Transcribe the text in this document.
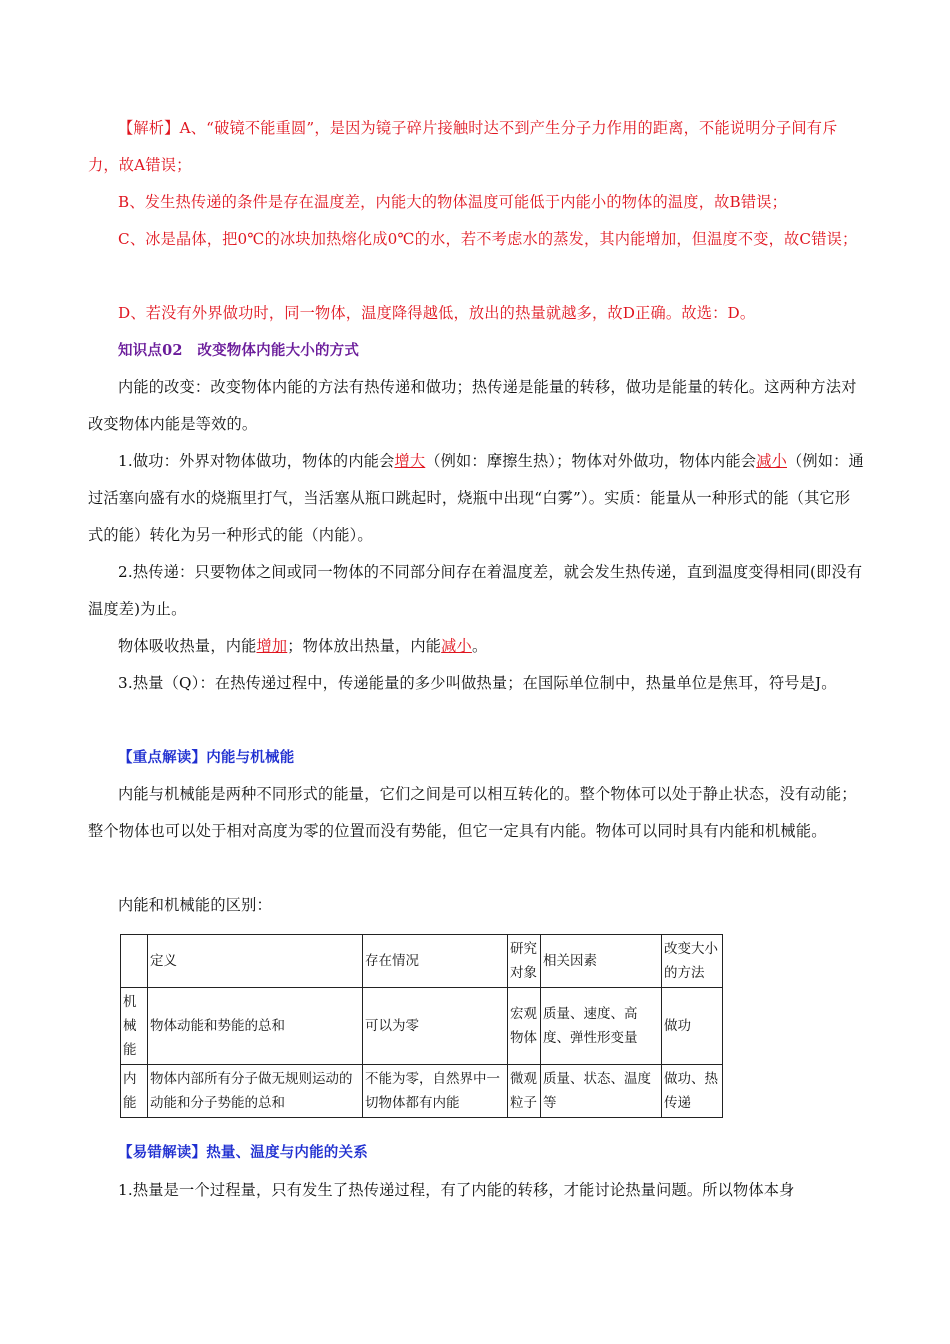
【解析】A、“破镜不能重圆”，是因为镜子碎片接触时达不到产生分子力作用的距离，不能说明分子间有斥力，故A错误；

B、发生热传递的条件是存在温度差，内能大的物体温度可能低于内能小的物体的温度，故B错误；

C、冰是晶体，把0℃的冰块加热熔化成0℃的水，若不考虑水的蒸发，其内能增加，但温度不变，故C错误；

D、若没有外界做功时，同一物体，温度降得越低，放出的热量就越多，故D正确。故选：D。

知识点02　改变物体内能大小的方式

内能的改变：改变物体内能的方法有热传递和做功；热传递是能量的转移，做功是能量的转化。这两种方法对改变物体内能是等效的。

1.做功：外界对物体做功，物体的内能会增大（例如：摩擦生热）；物体对外做功，物体内能会减小（例如：通过活塞向盛有水的烧瓶里打气，当活塞从瓶口跳起时，烧瓶中出现“白雾”）。实质：能量从一种形式的能（其它形式的能）转化为另一种形式的能（内能）。

2.热传递：只要物体之间或同一物体的不同部分间存在着温度差，就会发生热传递，直到温度变得相同(即没有温度差)为止。

物体吸收热量，内能增加；物体放出热量，内能减小。

3.热量（Q）：在热传递过程中，传递能量的多少叫做热量；在国际单位制中，热量单位是焦耳，符号是J。

【重点解读】内能与机械能

内能与机械能是两种不同形式的能量，它们之间是可以相互转化的。整个物体可以处于静止状态，没有动能；整个物体也可以处于相对高度为零的位置而没有势能，但它一定具有内能。物体可以同时具有内能和机械能。

内能和机械能的区别：

	定义	存在情况	研究对象	相关因素	改变大小的方法
机械能	物体动能和势能的总和	可以为零	宏观物体	质量、速度、高度、弹性形变量	做功
内能	物体内部所有分子做无规则运动的动能和分子势能的总和	不能为零，自然界中一切物体都有内能	微观粒子	质量、状态、温度等	做功、热传递

【易错解读】热量、温度与内能的关系

1.热量是一个过程量，只有发生了热传递过程，有了内能的转移，才能讨论热量问题。所以物体本身
